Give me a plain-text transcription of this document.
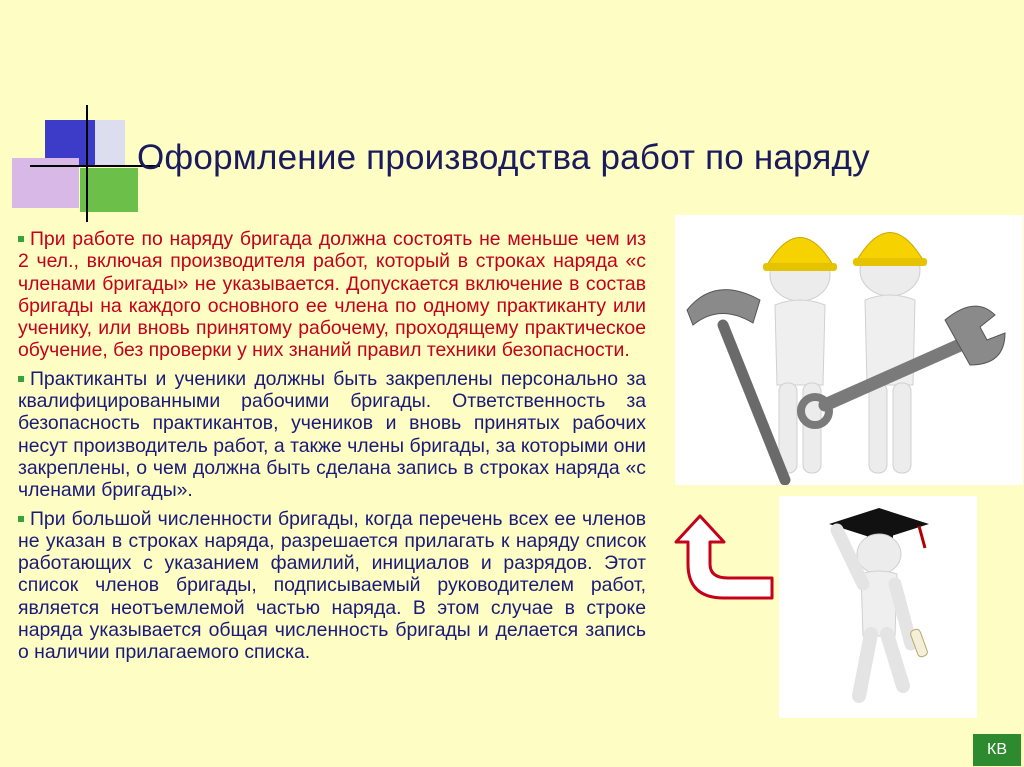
Оформление производства работ по наряду

При работе по наряду бригада должна состоять не меньше чем из 2 чел., включая производителя работ, который в строках наряда «с членами бригады» не указывается. Допускается включение в состав бригады на каждого основного ее члена по одному практиканту или ученику, или вновь принятому рабочему, проходящему практическое обучение, без проверки у них знаний правил техники безопасности.

Практиканты и ученики должны быть закреплены персонально за квалифицированными рабочими бригады. Ответственность за безопасность практикантов, учеников и вновь принятых рабочих несут производитель работ, а также члены бригады, за которыми они закреплены, о чем должна быть сделана запись в строках наряда «с членами бригады».

При большой численности бригады, когда перечень всех ее членов не указан в строках наряда, разрешается прилагать к наряду список работающих с указанием фамилий, инициалов и разрядов. Этот список членов бригады, подписываемый руководителем работ, является неотъемлемой частью наряда. В этом случае в строке наряда указывается общая численность бригады и делается запись о наличии прилагаемого списка.

КВ
